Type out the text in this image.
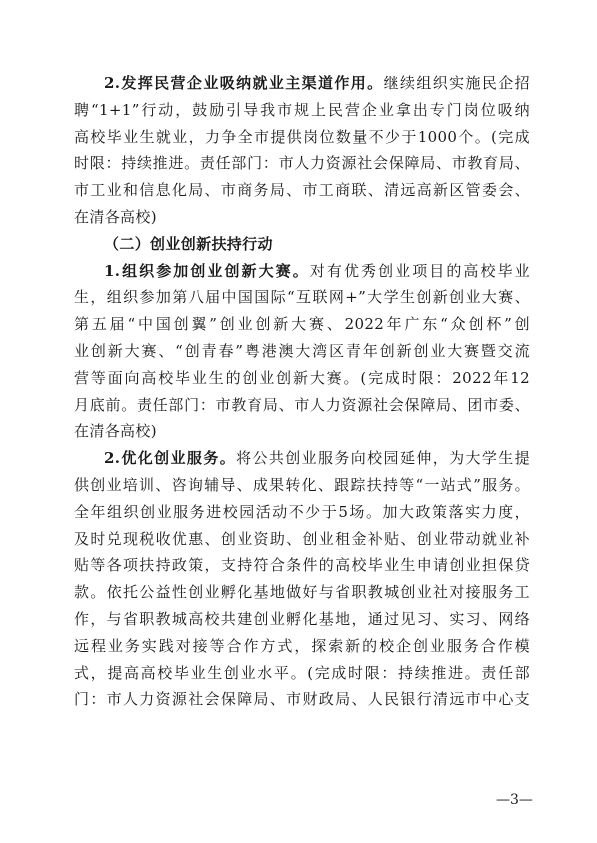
2.发挥民营企业吸纳就业主渠道作用。继续组织实施民企招
聘“1+1”行动，鼓励引导我市规上民营企业拿出专门岗位吸纳
高校毕业生就业，力争全市提供岗位数量不少于1000个。(完成
时限：持续推进。责任部门：市人力资源社会保障局、市教育局、
市工业和信息化局、市商务局、市工商联、清远高新区管委会、
在清各高校)
（二）创业创新扶持行动
1.组织参加创业创新大赛。对有优秀创业项目的高校毕业
生，组织参加第八届中国国际“互联网+”大学生创新创业大赛、
第五届“中国创翼”创业创新大赛、2022年广东“众创杯”创
业创新大赛、“创青春”粤港澳大湾区青年创新创业大赛暨交流
营等面向高校毕业生的创业创新大赛。(完成时限：2022年12
月底前。责任部门：市教育局、市人力资源社会保障局、团市委、
在清各高校)
2.优化创业服务。将公共创业服务向校园延伸，为大学生提
供创业培训、咨询辅导、成果转化、跟踪扶持等“一站式”服务。
全年组织创业服务进校园活动不少于5场。加大政策落实力度，
及时兑现税收优惠、创业资助、创业租金补贴、创业带动就业补
贴等各项扶持政策，支持符合条件的高校毕业生申请创业担保贷
款。依托公益性创业孵化基地做好与省职教城创业社对接服务工
作，与省职教城高校共建创业孵化基地，通过见习、实习、网络
远程业务实践对接等合作方式，探索新的校企创业服务合作模
式，提高高校毕业生创业水平。(完成时限：持续推进。责任部
门：市人力资源社会保障局、市财政局、人民银行清远市中心支
—3—
